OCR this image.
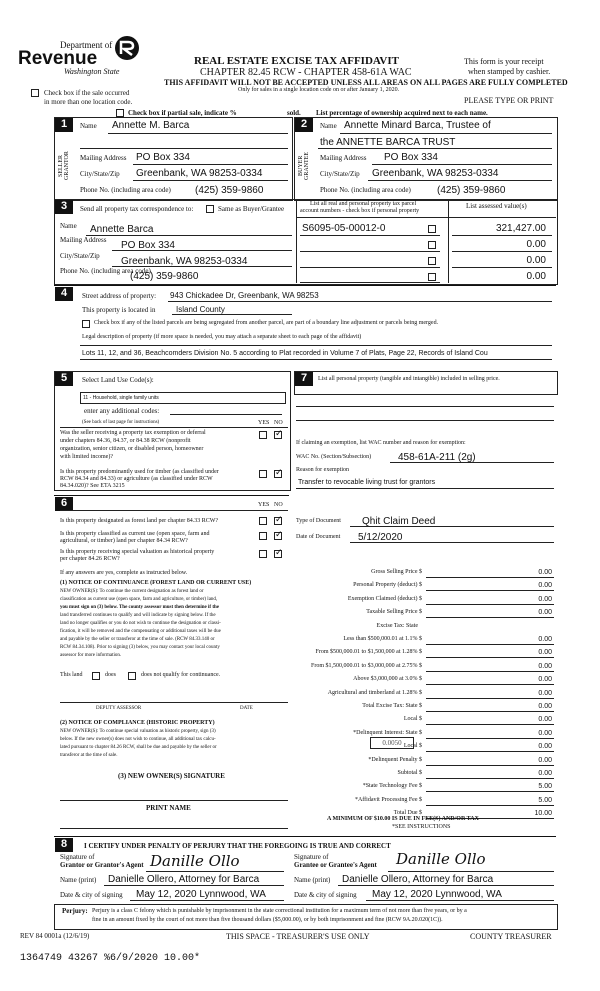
Department of
Revenue
Washington State
REAL ESTATE EXCISE TAX AFFIDAVIT
CHAPTER 82.45 RCW - CHAPTER 458-61A WAC
THIS AFFIDAVIT WILL NOT BE ACCEPTED UNLESS ALL AREAS ON ALL PAGES ARE FULLY COMPLETED
Only for sales in a single location code on or after January 1, 2020.
This form is your receipt
when stamped by cashier.
PLEASE TYPE OR PRINT
Check box if the sale occurred
in more than one location code.
Check box if partial sale, indicate %	sold. List percentage of ownership acquired next to each name.
1	2
SELLER GRANTOR	BUYER GRANTEE
Name Annette M. Barca
Mailing Address PO Box 334
City/State/Zip Greenbank, WA 98253-0334
Phone No. (including area code) (425) 359-9860
Name Annette Minard Barca, Trustee of
the ANNETTE BARCA TRUST
Mailing Address PO Box 334
City/State/Zip Greenbank, WA 98253-0334
Phone No. (including area code)	(425) 359-9860
3	Send all property tax correspondence to:	Same as Buyer/Grantee
List all real and personal property tax parcel
account numbers - check box if personal property
List assessed value(s)
Name Annette Barca
Mailing Address PO Box 334
City/State/Zip Greenbank, WA 98253-0334
Phone No. (including area code)
(425) 359-9860
S6095-05-00012-0	321,427.00
0.00
0.00
0.00
4	Street address of property: 943 Chickadee Dr, Greenbank, WA 98253
This property is located in	Island County
Check box if any of the listed parcels are being segregated from another parcel, are part of a boundary line adjustment or parcels being merged.
Legal description of property (if more space is needed, you may attach a separate sheet to each page of the affidavit)
Lots 11, 12, and 36, Beachcomders Division No. 5 according to Plat recorded in Volume 7 of Plats, Page 22, Records of Island Cou
5	Select Land Use Code(s):
11 - Household, single family units
enter any additional codes:
(See back of last page for instructions)	YES NO
Was the seller receiving a property tax exemption or deferral
under chapters 84.36, 84.37, or 84.38 RCW (nonprofit
organization, senior citizen, or disabled person, homeowner
with limited income)?
✓
Is this property predominantly used for timber (as classified under
RCW 84.34 and 84.33) or agriculture (as classified under RCW
84.34.020)? See ETA 3215
✓
6	YES NO
Is this property designated as forest land per chapter 84.33 RCW?
✓
Is this property classified as current use (open space, farm and
agricultural, or timber) land per chapter 84.34 RCW?
✓
Is this property receiving special valuation as historical property
per chapter 84.26 RCW?
✓
If any answers are yes, complete as instructed below.
(1) NOTICE OF CONTINUANCE (FOREST LAND OR CURRENT USE)
NEW OWNER(S): To continue the current designation as forest land or
classification as current use (open space, farm and agriculture, or timber) land,
you must sign on (3) below. The county assessor must then determine if the
land transferred continues to qualify and will indicate by signing below. If the
land no longer qualifies or you do not wish to continue the designation or classi-
fication, it will be removed and the compensating or additional taxes will be due
and payable by the seller or transferor at the time of sale. (RCW 84.33.140 or
RCW 84.34.108). Prior to signing (3) below, you may contact your local county
assessor for more information.
This land	does	does not qualify for continuance.
DEPUTY ASSESSOR	DATE
(2) NOTICE OF COMPLIANCE (HISTORIC PROPERTY)
NEW OWNER(S): To continue special valuation as historic property, sign (3)
below. If the new owner(s) does not wish to continue, all additional tax calcu-
lated pursuant to chapter 84.26 RCW, shall be due and payable by the seller or
transferor at the time of sale.
(3) NEW OWNER(S) SIGNATURE
PRINT NAME
7	List all personal property (tangible and intangible) included in selling price.
If claiming an exemption, list WAC number and reason for exemption:
WAC No. (Section/Subsection)	458-61A-211 (2g)
Reason for exemption
Transfer to revocable living trust for grantors
Type of Document Qhit Claim Deed
Date of Document 5/12/2020
Gross Selling Price $	0.00
Personal Property (deduct) $	0.00
Exemption Claimed (deduct) $	0.00
Taxable Selling Price $	0.00
Excise Tax: State
Less than $500,000.01 at 1.1% $	0.00
From $500,000.01 to $1,500,000 at 1.28% $	0.00
From $1,500,000.01 to $3,000,000 at 2.75% $	0.00
Above $3,000,000 at 3.0% $	0.00
Agricultural and timberland at 1.28% $	0.00
Total Excise Tax: State $	0.00
Local $	0.00
*Delinquent Interest: State $	0.00
Local $	0.00
*Delinquent Penalty $	0.00
Subtotal $	0.00
*State Technology Fee $	5.00
*Affidavit Processing Fee $	5.00
Total Due $	10.00
0.0050
A MINIMUM OF $10.00 IS DUE IN FEE(S) AND/OR TAX
*SEE INSTRUCTIONS
8	I CERTIFY UNDER PENALTY OF PERJURY THAT THE FOREGOING IS TRUE AND CORRECT
Signature of
Grantor or Grantor's Agent Danille Ollo	Signature of
Grantee or Grantee's Agent Danille Ollo
Name (print) Danielle Ollero, Attorney for Barca	Name (print) Danielle Ollero, Attorney for Barca
Date & city of signing May 12, 2020 Lynnwood, WA	Date & city of signing May 12, 2020 Lynnwood, WA
Perjury: Perjury is a class C felony which is punishable by imprisonment in the state correctional institution for a maximum term of not more than five years, or by a
fine in an amount fixed by the court of not more than five thousand dollars ($5,000.00), or by both imprisonment and fine (RCW 9A.20.020(1C)).
REV 84 0001a (12/6/19)	THIS SPACE - TREASURER'S USE ONLY	COUNTY TREASURER
1364749 43267 %6/9/2020 10.00*
